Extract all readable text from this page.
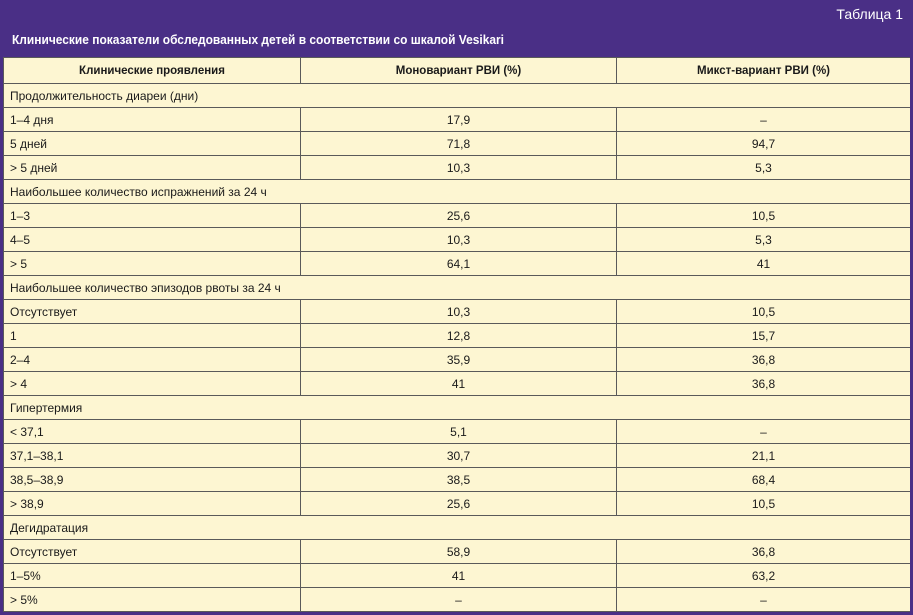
Таблица 1
Клинические показатели обследованных детей в соответствии со шкалой Vesikari
Клинические проявления	Моновариант РВИ (%)	Микст-вариант РВИ (%)
Продолжительность диареи (дни)		
1–4 дня	17,9	–
5 дней	71,8	94,7
> 5 дней	10,3	5,3
Наибольшее количество испражнений за 24 ч		
1–3	25,6	10,5
4–5	10,3	5,3
> 5	64,1	41
Наибольшее количество эпизодов рвоты за 24 ч		
Отсутствует	10,3	10,5
1	12,8	15,7
2–4	35,9	36,8
> 4	41	36,8
Гипертермия		
< 37,1	5,1	–
37,1–38,1	30,7	21,1
38,5–38,9	38,5	68,4
> 38,9	25,6	10,5
Дегидратация		
Отсутствует	58,9	36,8
1–5%	41	63,2
> 5%	–	–
